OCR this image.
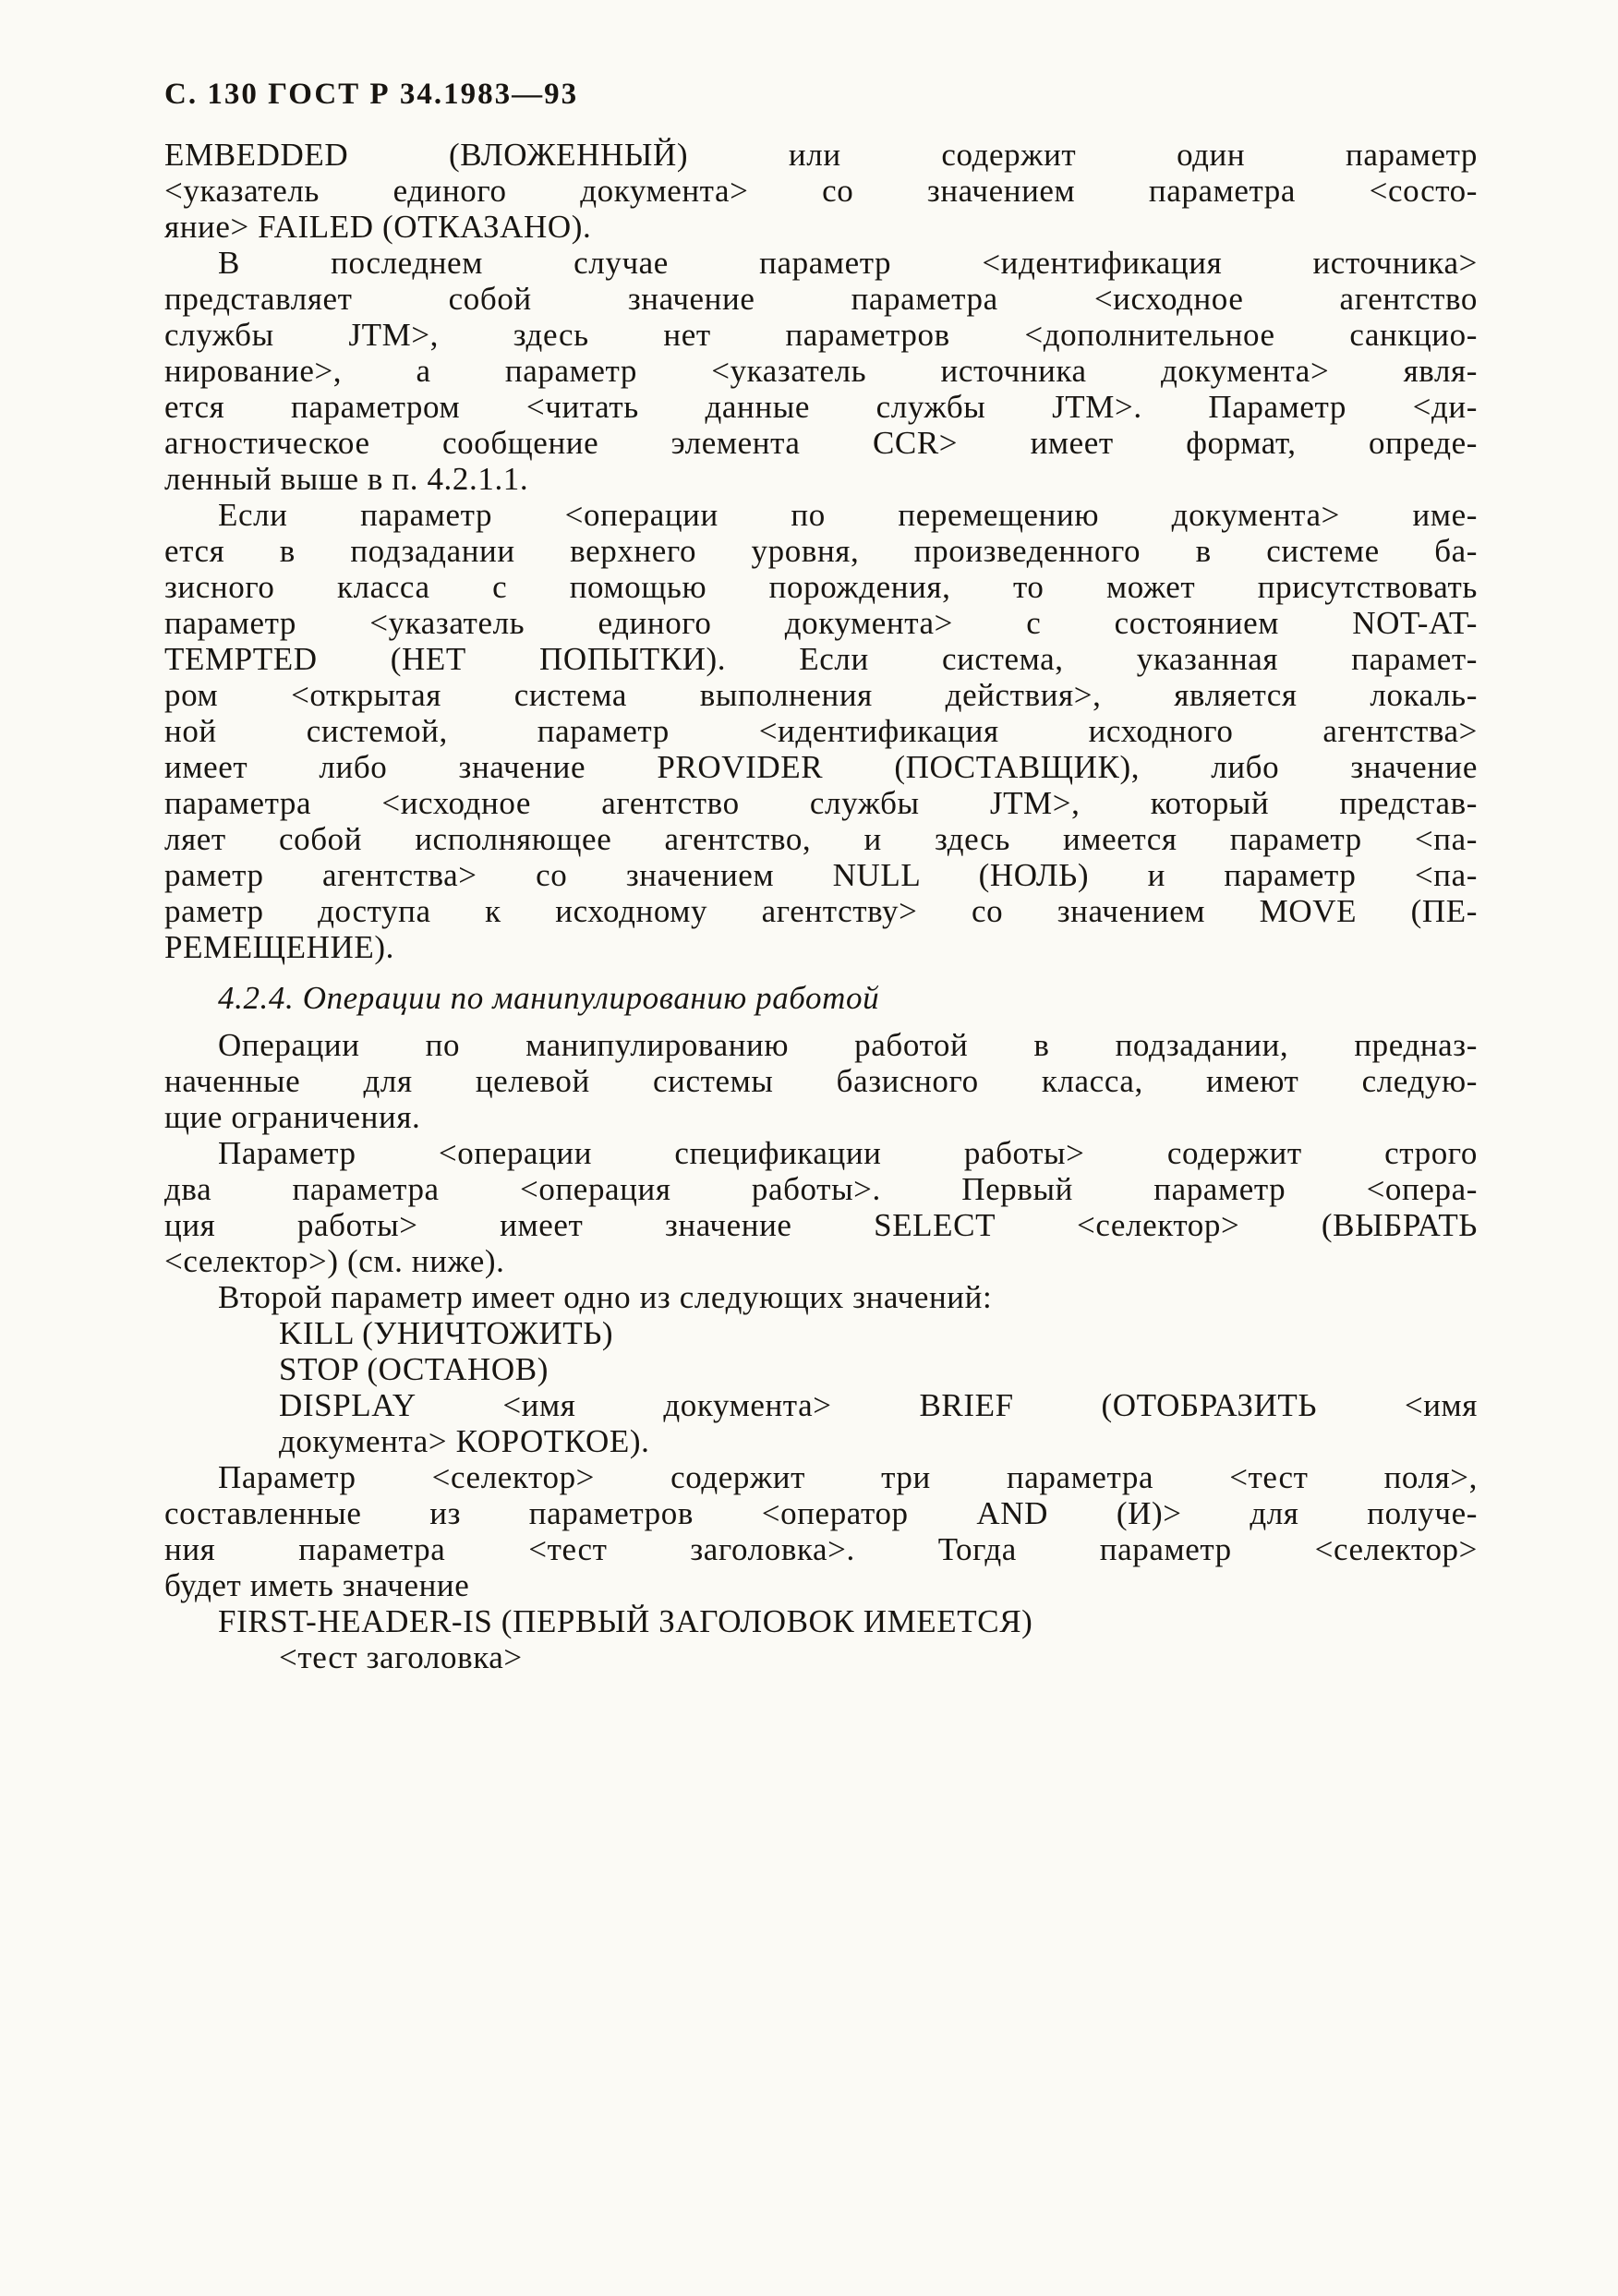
С. 130 ГОСТ Р 34.1983—93
EMBEDDED (ВЛОЖЕННЫЙ) или содержит один параметр
<указатель единого документа> со значением параметра <состо-
яние> FAILED (ОТКАЗАНО).
В последнем случае параметр <идентификация источника>
представляет собой значение параметра <исходное агентство
службы JTM>, здесь нет параметров <дополнительное санкцио-
нирование>, а параметр <указатель источника документа> явля-
ется параметром <читать данные службы JTM>. Параметр <ди-
агностическое сообщение элемента CCR> имеет формат, опреде-
ленный выше в п. 4.2.1.1.
Если параметр <операции по перемещению документа> име-
ется в подзадании верхнего уровня, произведенного в системе ба-
зисного класса с помощью порождения, то может присутствовать
параметр <указатель единого документа> с состоянием NOT-AT-
TEMPTED (НЕТ ПОПЫТКИ). Если система, указанная парамет-
ром <открытая система выполнения действия>, является локаль-
ной системой, параметр <идентификация исходного агентства>
имеет либо значение PROVIDER (ПОСТАВЩИК), либо значение
параметра <исходное агентство службы JTM>, который представ-
ляет собой исполняющее агентство, и здесь имеется параметр <па-
раметр агентства> со значением NULL (НОЛЬ) и параметр <па-
раметр доступа к исходному агентству> со значением MOVE (ПЕ-
РЕМЕЩЕНИЕ).
4.2.4. Операции по манипулированию работой
Операции по манипулированию работой в подзадании, предназ-
наченные для целевой системы базисного класса, имеют следую-
щие ограничения.
Параметр <операции спецификации работы> содержит строго
два параметра <операция работы>. Первый параметр <опера-
ция работы> имеет значение SELECT <селектор> (ВЫБРАТЬ
<селектор>) (см. ниже).
Второй параметр имеет одно из следующих значений:
KILL (УНИЧТОЖИТЬ)
STOP (ОСТАНОВ)
DISPLAY <имя документа> BRIEF (ОТОБРАЗИТЬ <имя
документа> КОРОТКОЕ).
Параметр <селектор> содержит три параметра <тест поля>,
составленные из параметров <оператор AND (И)> для получе-
ния параметра <тест заголовка>. Тогда параметр <селектор>
будет иметь значение
FIRST-HEADER-IS (ПЕРВЫЙ ЗАГОЛОВОК ИМЕЕТСЯ)
<тест заголовка>
